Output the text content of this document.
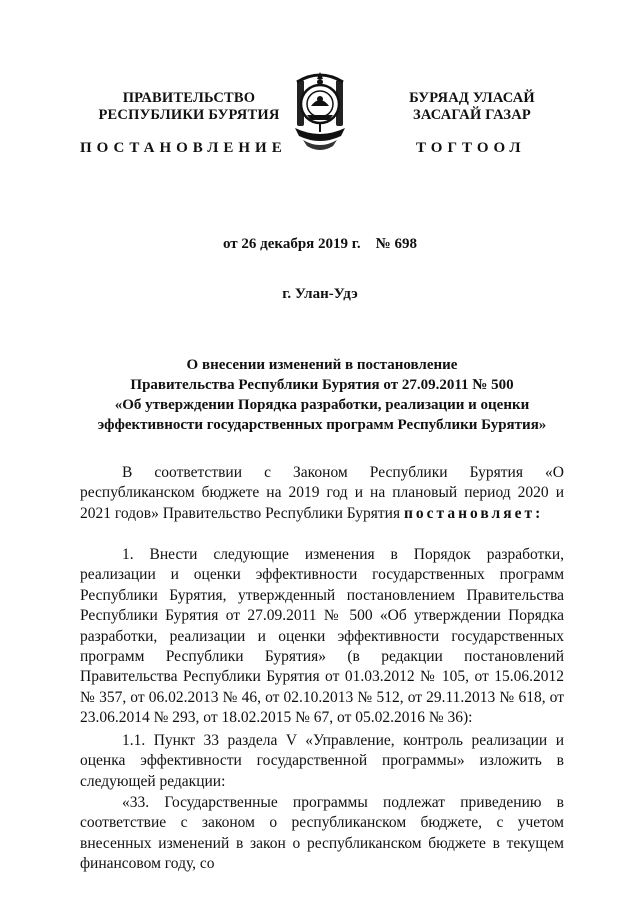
ПРАВИТЕЛЬСТВО
РЕСПУБЛИКИ БУРЯТИЯ
БУРЯАД УЛАСАЙ
ЗАСАГАЙ ГАЗАР
ПОСТАНОВЛЕНИЕ	ТОГТООЛ
от 26 декабря 2019 г.    № 698
г. Улан-Удэ
О внесении изменений в постановление
Правительства Республики Бурятия от 27.09.2011 № 500
«Об утверждении Порядка разработки, реализации и оценки
эффективности государственных программ Республики Бурятия»

В соответствии с Законом Республики Бурятия «О республиканском бюджете на 2019 год и на плановый период 2020 и 2021 годов» Правительство Республики Бурятия постановляет:

1. Внести следующие изменения в Порядок разработки, реализации и оценки эффективности государственных программ Республики Бурятия, утвержденный постановлением Правительства Республики Бурятия от 27.09.2011 № 500 «Об утверждении Порядка разработки, реализации и оценки эффективности государственных программ Республики Бурятия» (в редакции постановлений Правительства Республики Бурятия от 01.03.2012 № 105, от 15.06.2012 № 357, от 06.02.2013 № 46, от 02.10.2013 № 512, от 29.11.2013 № 618, от 23.06.2014 № 293, от 18.02.2015 № 67, от 05.02.2016 № 36):

1.1. Пункт 33 раздела V «Управление, контроль реализации и оценка эффективности государственной программы» изложить в следующей редакции:

«33. Государственные программы подлежат приведению в соответствие с законом о республиканском бюджете, с учетом внесенных изменений в закон о республиканском бюджете в текущем финансовом году, со
